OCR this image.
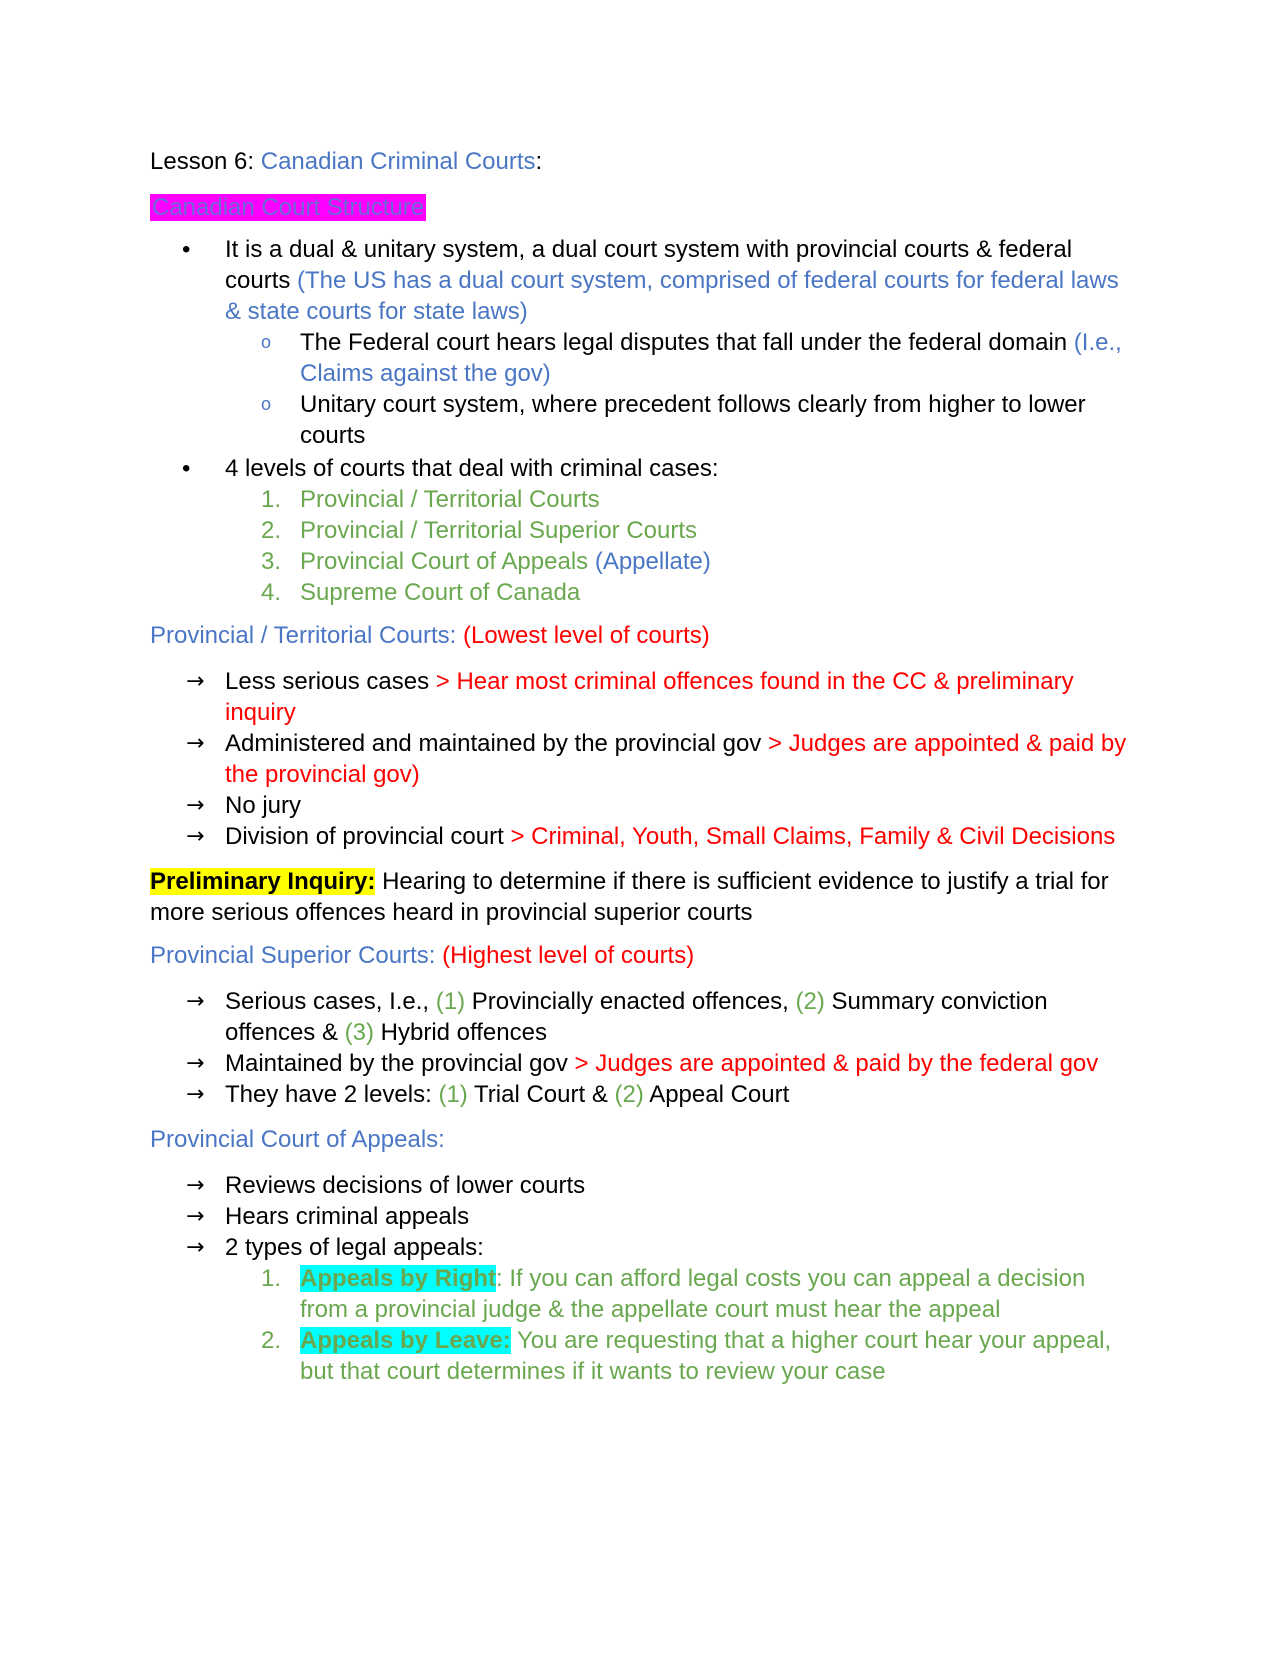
Lesson 6: Canadian Criminal Courts:

Canadian Court Structure

• It is a dual & unitary system, a dual court system with provincial courts & federal courts (The US has a dual court system, comprised of federal courts for federal laws & state courts for state laws)
o The Federal court hears legal disputes that fall under the federal domain (I.e., Claims against the gov)
o Unitary court system, where precedent follows clearly from higher to lower courts
• 4 levels of courts that deal with criminal cases:
1. Provincial / Territorial Courts
2. Provincial / Territorial Superior Courts
3. Provincial Court of Appeals (Appellate)
4. Supreme Court of Canada

Provincial / Territorial Courts: (Lowest level of courts)

→ Less serious cases > Hear most criminal offences found in the CC & preliminary inquiry
→ Administered and maintained by the provincial gov > Judges are appointed & paid by the provincial gov)
→ No jury
→ Division of provincial court > Criminal, Youth, Small Claims, Family & Civil Decisions

Preliminary Inquiry: Hearing to determine if there is sufficient evidence to justify a trial for more serious offences heard in provincial superior courts

Provincial Superior Courts: (Highest level of courts)

→ Serious cases, I.e., (1) Provincially enacted offences, (2) Summary conviction offences & (3) Hybrid offences
→ Maintained by the provincial gov > Judges are appointed & paid by the federal gov
→ They have 2 levels: (1) Trial Court & (2) Appeal Court

Provincial Court of Appeals:

→ Reviews decisions of lower courts
→ Hears criminal appeals
→ 2 types of legal appeals:
1. Appeals by Right: If you can afford legal costs you can appeal a decision from a provincial judge & the appellate court must hear the appeal
2. Appeals by Leave: You are requesting that a higher court hear your appeal, but that court determines if it wants to review your case
